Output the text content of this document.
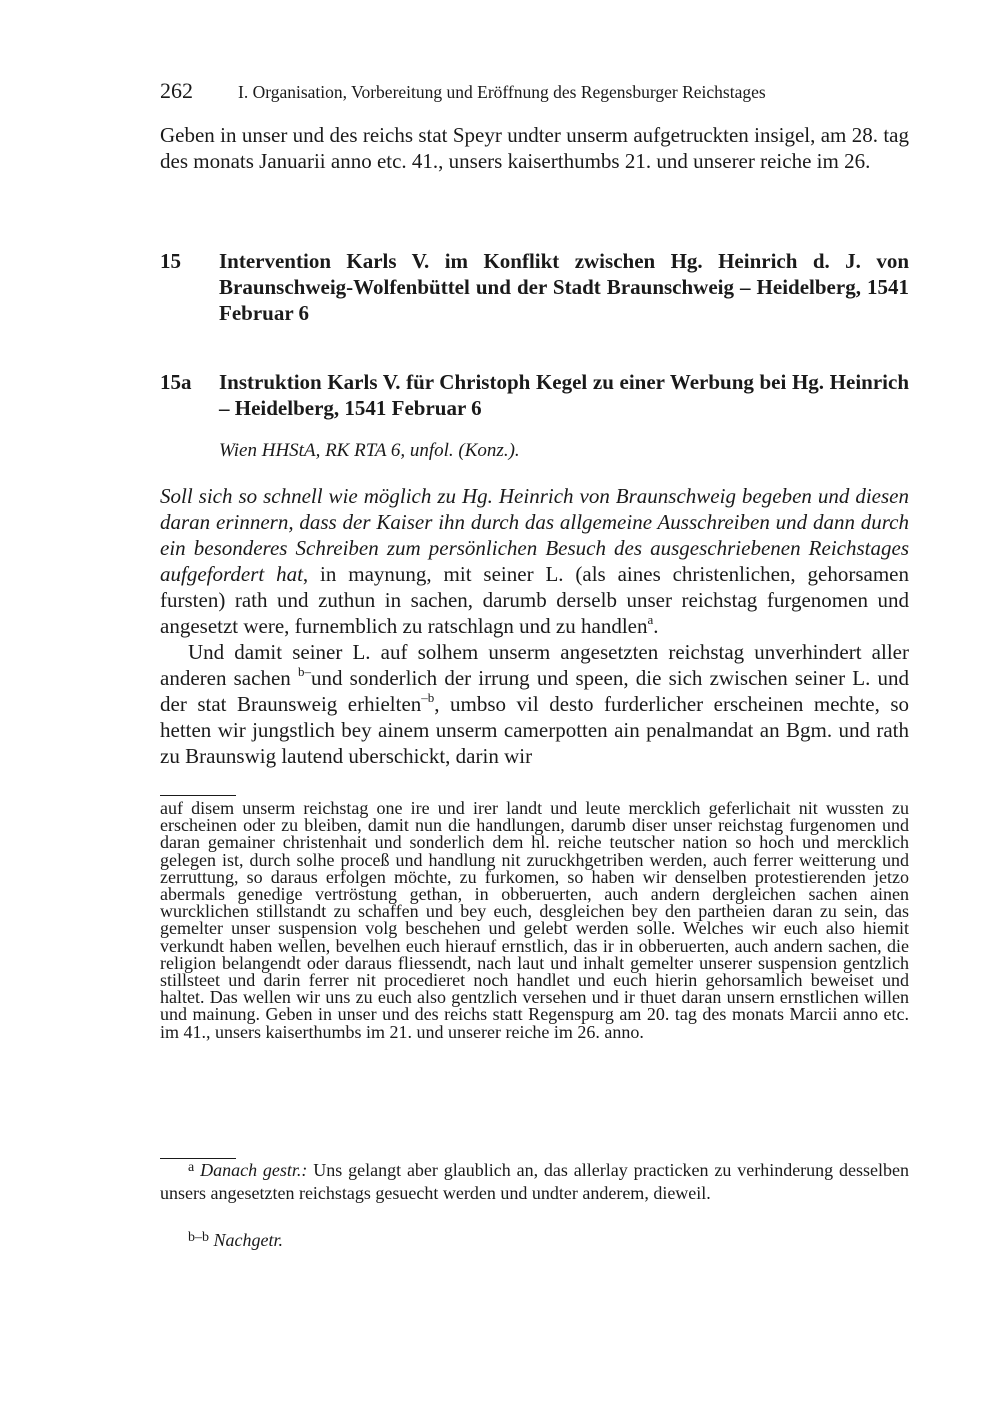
262	I. Organisation, Vorbereitung und Eröffnung des Regensburger Reichstages
Geben in unser und des reichs stat Speyr undter unserm aufgetruckten insigel, am 28. tag des monats Januarii anno etc. 41., unsers kaiserthumbs 21. und unserer reiche im 26.
15 Intervention Karls V. im Konflikt zwischen Hg. Heinrich d. J. von Braunschweig-Wolfenbüttel und der Stadt Braunschweig – Heidelberg, 1541 Februar 6
15a Instruktion Karls V. für Christoph Kegel zu einer Werbung bei Hg. Heinrich – Heidelberg, 1541 Februar 6
Wien HHStA, RK RTA 6, unfol. (Konz.).
Soll sich so schnell wie möglich zu Hg. Heinrich von Braunschweig begeben und diesen daran erinnern, dass der Kaiser ihn durch das allgemeine Ausschreiben und dann durch ein besonderes Schreiben zum persönlichen Besuch des ausgeschriebenen Reichstages aufgefordert hat, in maynung, mit seiner L. (als aines christenlichen, gehorsamen fursten) rath und zuthun in sachen, darumb derselb unser reichstag furgenomen und angesetzt were, furnemblich zu ratschlagn und zu handlen$^a$.
Und damit seiner L. auf solhem unserm angesetzten reichstag unverhindert aller anderen sachen $^{b-}$und sonderlich der irrung und speen, die sich zwischen seiner L. und der stat Braunsweig erhielten$^{-b}$, umbso vil desto furderlicher erscheinen mechte, so hetten wir jungstlich bey ainem unserm camerpotten ain penalmandat an Bgm. und rath zu Braunswig lautend uberschickt, darin wir
auf disem unserm reichstag one ire und irer landt und leute mercklich geferlichait nit wussten zu erscheinen oder zu bleiben, damit nun die handlungen, darumb diser unser reichstag furgenomen und daran gemainer christenhait und sonderlich dem hl. reiche teutscher nation so hoch und mercklich gelegen ist, durch solhe proceß und handlung nit zuruckhgetriben werden, auch ferrer weitterung und zerruttung, so daraus erfolgen möchte, zu furkomen, so haben wir denselben protestierenden jetzo abermals genedige vertröstung gethan, in obberuerten, auch andern dergleichen sachen ainen wurcklichen stillstandt zu schaffen und bey euch, desgleichen bey den partheien daran zu sein, das gemelter unser suspension volg beschehen und gelebt werden solle. Welches wir euch also hiemit verkundt haben wellen, bevelhen euch hierauf ernstlich, das ir in obberuerten, auch andern sachen, die religion belangendt oder daraus fliessendt, nach laut und inhalt gemelter unserer suspension gentzlich stillsteet und darin ferrer nit procedieret noch handlet und euch hierin gehorsamlich beweiset und haltet. Das wellen wir uns zu euch also gentzlich versehen und ir thuet daran unsern ernstlichen willen und mainung. Geben in unser und des reichs statt Regenspurg am 20. tag des monats Marcii anno etc. im 41., unsers kaiserthumbs im 21. und unserer reiche im 26. anno.
$^a$ Danach gestr.: Uns gelangt aber glaublich an, das allerlay practicken zu verhinderung desselben unsers angesetzten reichstags gesuecht werden und undter anderem, dieweil.
$^{b-b}$ Nachgetr.
